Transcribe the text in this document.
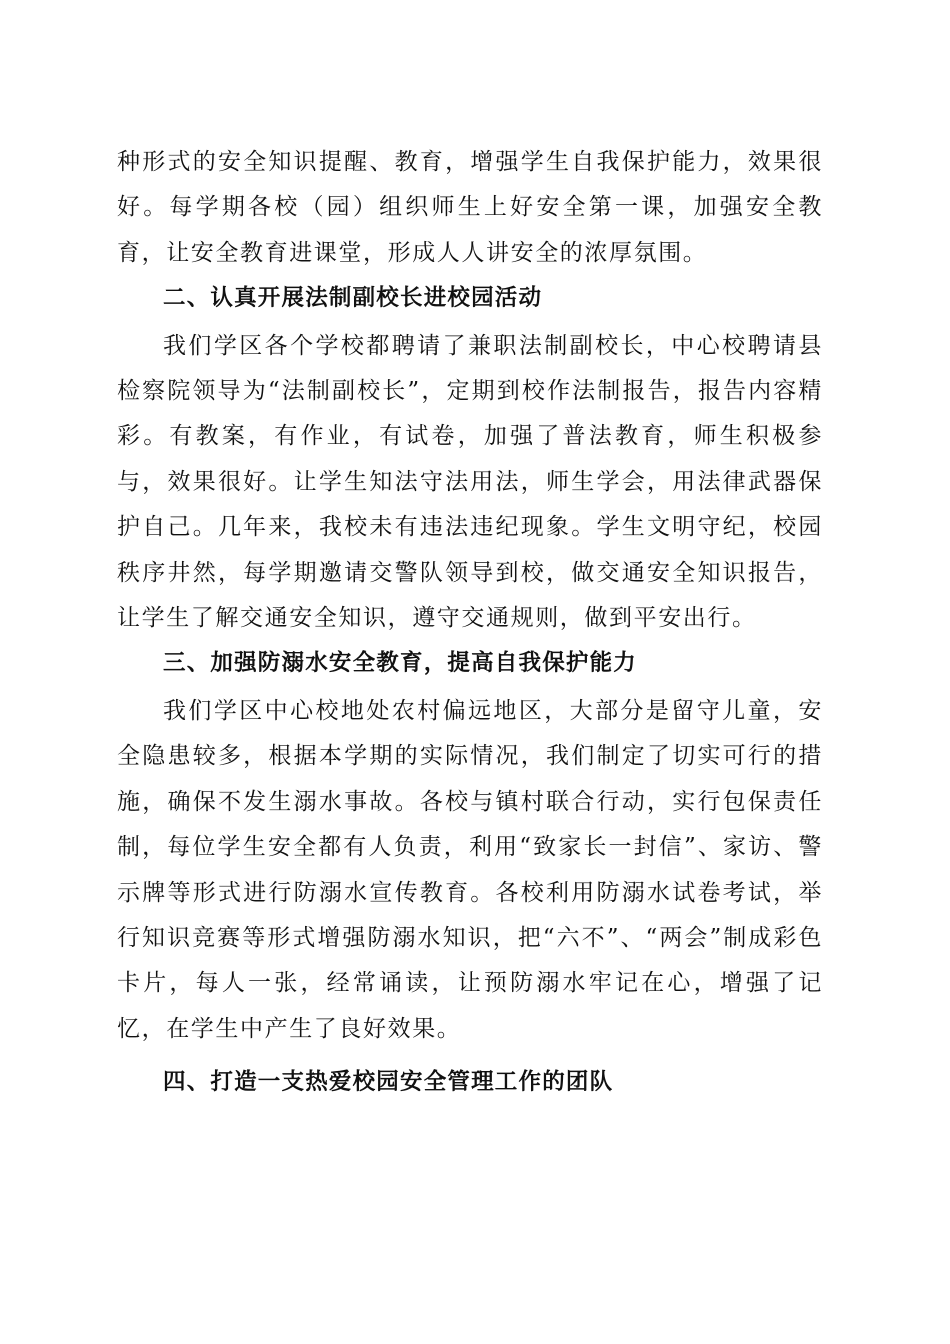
种形式的安全知识提醒、教育，增强学生自我保护能力，效果很好。每学期各校（园）组织师生上好安全第一课，加强安全教育，让安全教育进课堂，形成人人讲安全的浓厚氛围。

二、认真开展法制副校长进校园活动

我们学区各个学校都聘请了兼职法制副校长，中心校聘请县检察院领导为“法制副校长”，定期到校作法制报告，报告内容精彩。有教案，有作业，有试卷，加强了普法教育，师生积极参与，效果很好。让学生知法守法用法，师生学会，用法律武器保护自己。几年来，我校未有违法违纪现象。学生文明守纪，校园秩序井然，每学期邀请交警队领导到校，做交通安全知识报告，让学生了解交通安全知识，遵守交通规则，做到平安出行。

三、加强防溺水安全教育，提高自我保护能力

我们学区中心校地处农村偏远地区，大部分是留守儿童，安全隐患较多，根据本学期的实际情况，我们制定了切实可行的措施，确保不发生溺水事故。各校与镇村联合行动，实行包保责任制，每位学生安全都有人负责，利用“致家长一封信”、家访、警示牌等形式进行防溺水宣传教育。各校利用防溺水试卷考试，举行知识竞赛等形式增强防溺水知识，把“六不”、“两会”制成彩色卡片，每人一张，经常诵读，让预防溺水牢记在心，增强了记忆，在学生中产生了良好效果。

四、打造一支热爱校园安全管理工作的团队
